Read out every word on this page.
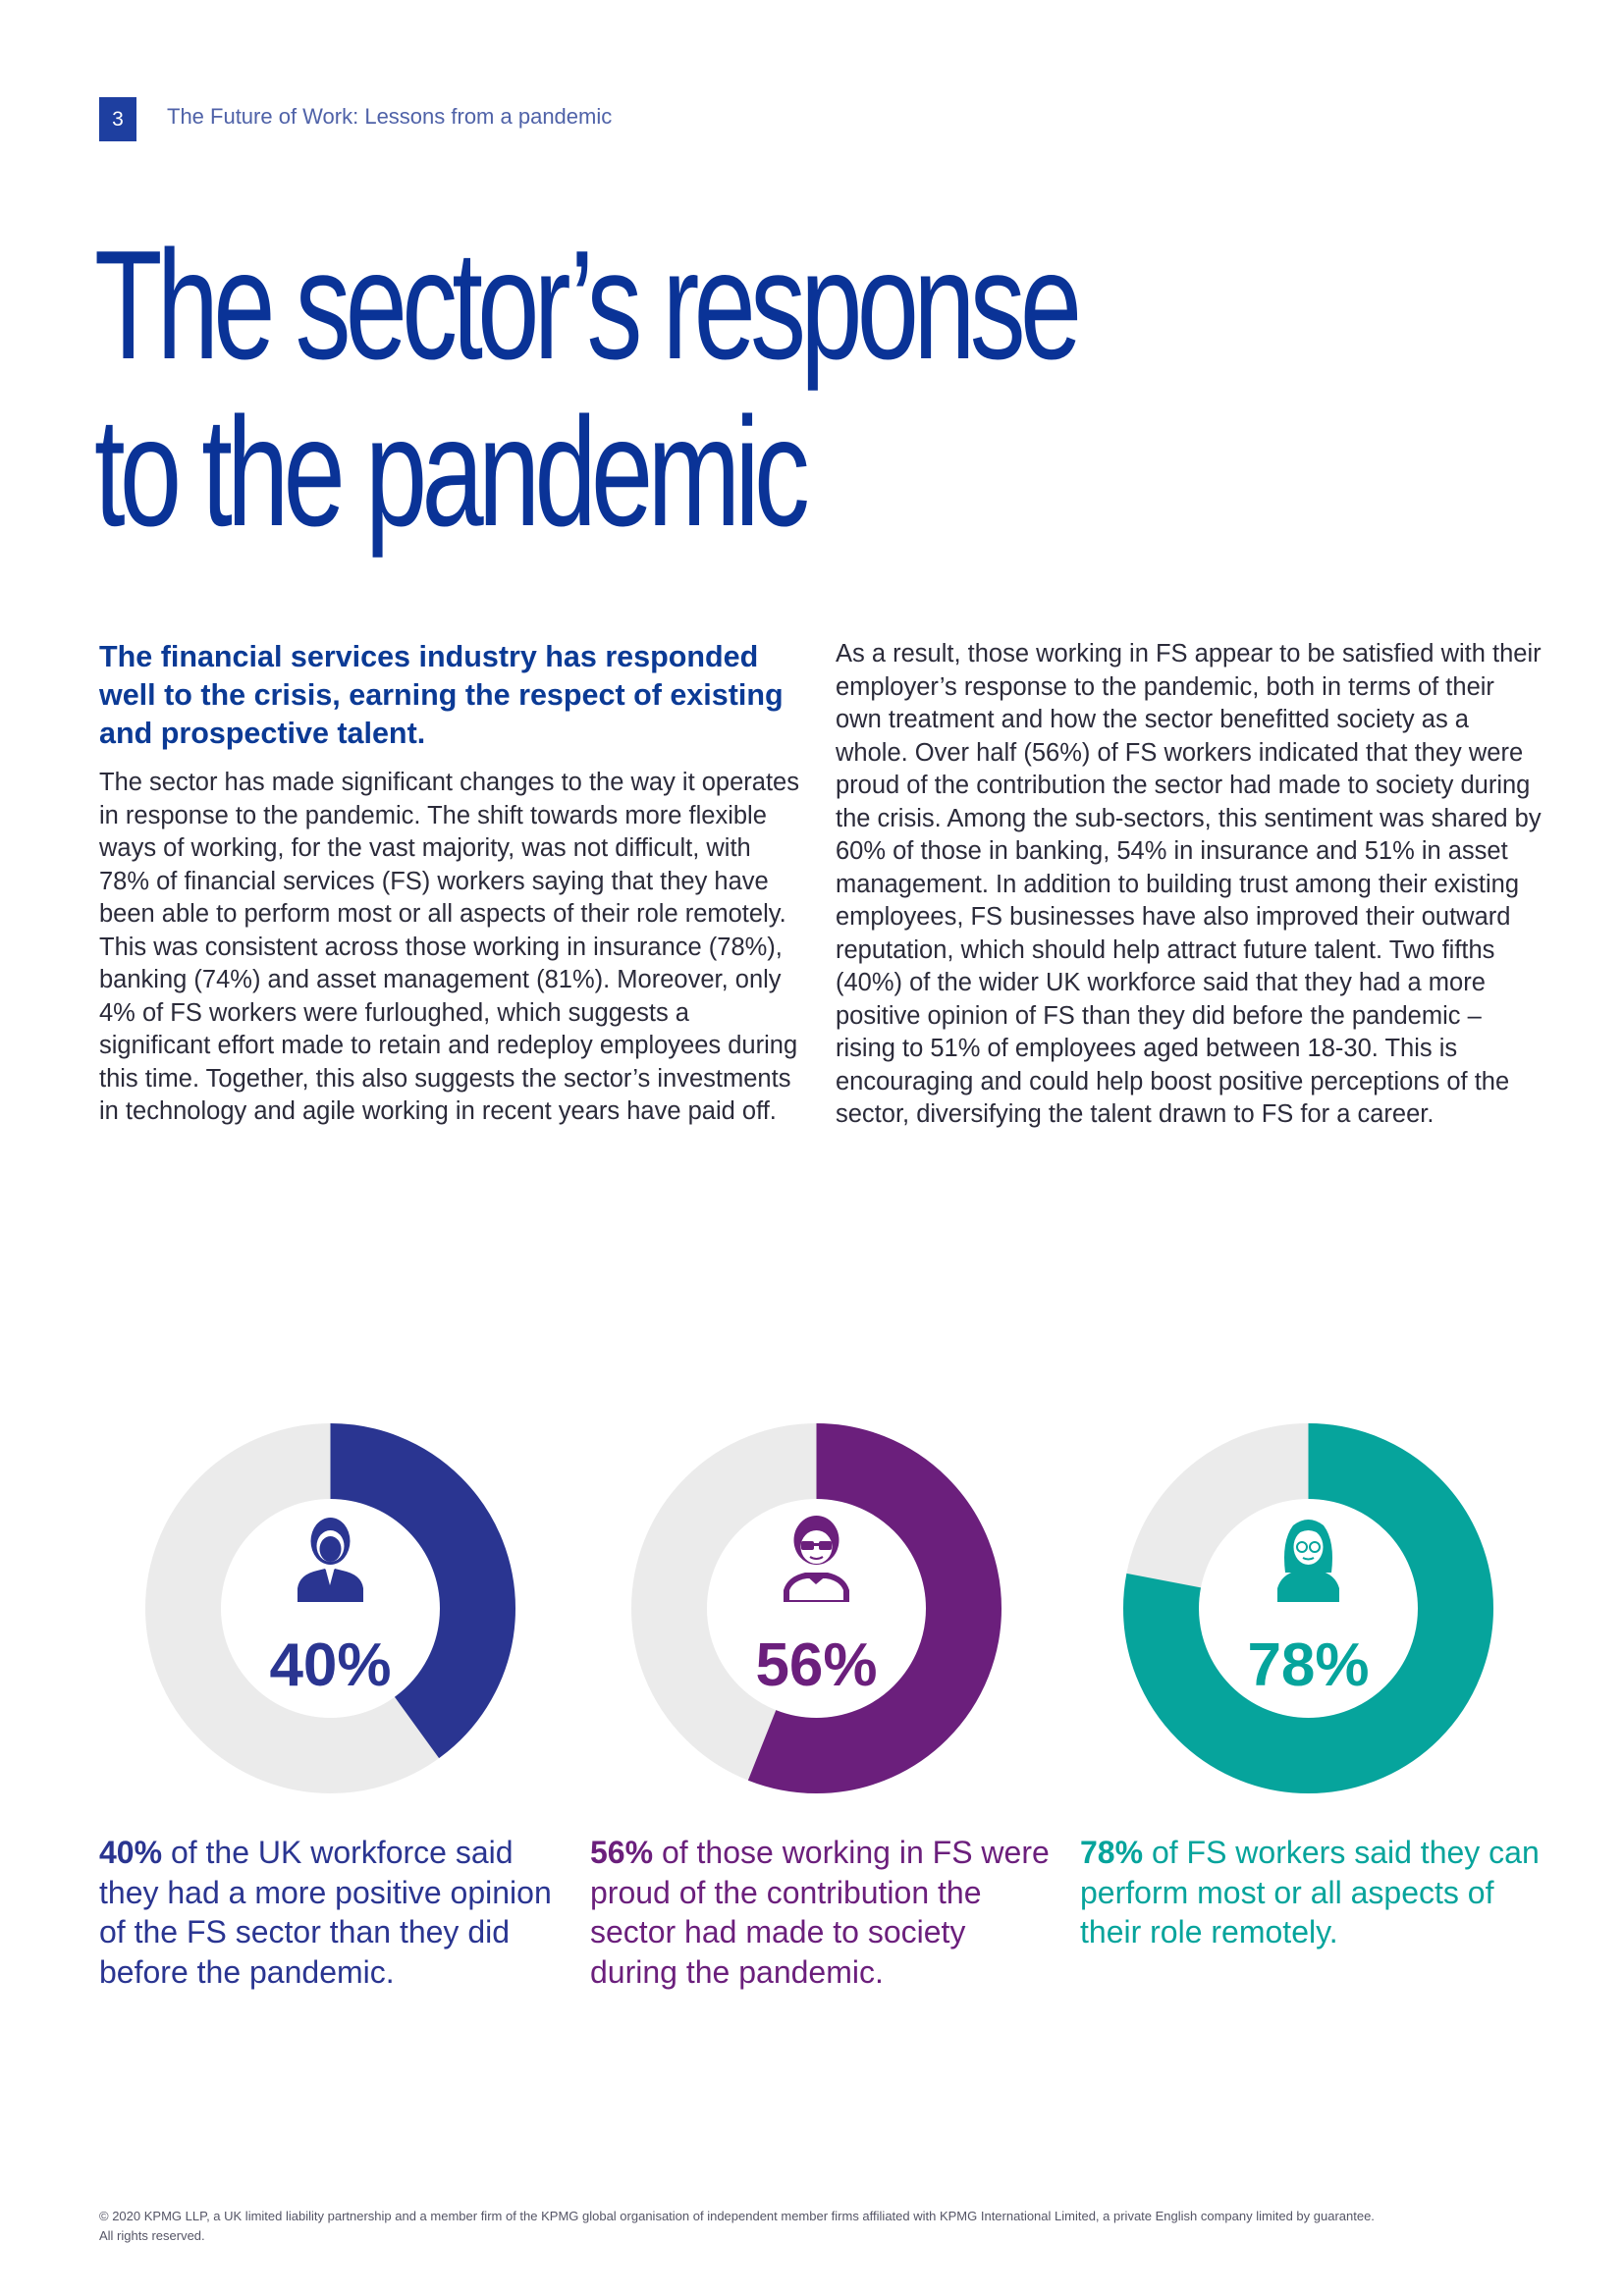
3	The Future of Work: Lessons from a pandemic
The sector’s response
to the pandemic

The financial services industry has responded well to the crisis, earning the respect of existing and prospective talent.

The sector has made significant changes to the way it operates in response to the pandemic. The shift towards more flexible ways of working, for the vast majority, was not difficult, with 78% of financial services (FS) workers saying that they have been able to perform most or all aspects of their role remotely. This was consistent across those working in insurance (78%), banking (74%) and asset management (81%). Moreover, only 4% of FS workers were furloughed, which suggests a significant effort made to retain and redeploy employees during this time. Together, this also suggests the sector’s investments in technology and agile working in recent years have paid off.

As a result, those working in FS appear to be satisfied with their employer’s response to the pandemic, both in terms of their own treatment and how the sector benefitted society as a whole. Over half (56%) of FS workers indicated that they were proud of the contribution the sector had made to society during the crisis. Among the sub-sectors, this sentiment was shared by 60% of those in banking, 54% in insurance and 51% in asset management. In addition to building trust among their existing employees, FS businesses have also improved their outward reputation, which should help attract future talent. Two fifths (40%) of the wider UK workforce said that they had a more positive opinion of FS than they did before the pandemic – rising to 51% of employees aged between 18-30. This is encouraging and could help boost positive perceptions of the sector, diversifying the talent drawn to FS for a career.

40%	56%	78%
40% of the UK workforce said they had a more positive opinion of the FS sector than they did before the pandemic.
56% of those working in FS were proud of the contribution the sector had made to society during the pandemic.
78% of FS workers said they can perform most or all aspects of their role remotely.
© 2020 KPMG LLP, a UK limited liability partnership and a member firm of the KPMG global organisation of independent member firms affiliated with KPMG International Limited, a private English company limited by guarantee.
All rights reserved.
